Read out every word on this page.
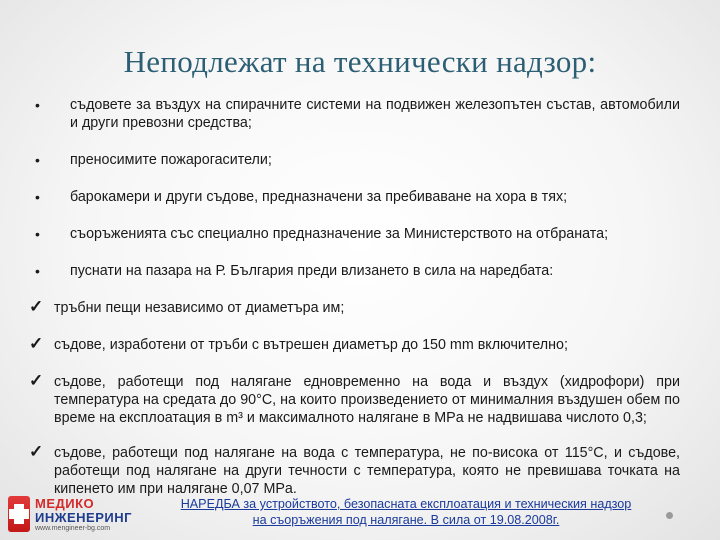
Неподлежат на технически надзор:
•	съдовете за въздух на спирачните системи на подвижен железопътен състав, автомобили и други превозни средства;
•	преносимите пожарогасители;
•	барокамери и други съдове, предназначени за пребиваване на хора в тях;
•	съоръженията със специално предназначение за Министерството на отбраната;
•	пуснати на пазара на Р. България преди влизането в сила на наредбата:
✓ тръбни пещи независимо от диаметъра им;
✓ съдове, изработени от тръби с вътрешен диаметър до 150 mm включително;
✓ съдове, работещи под налягане едновременно на вода и въздух (хидрофори) при температура на средата до 90°С, на които произведението от минималния въздушен обем по време на експлоатация в m³ и максималното налягане в MPa не надвишава числото 0,3;
✓ съдове, работещи под налягане на вода с температура, не по-висока от 115°С, и съдове, работещи под налягане на други течности с температура, която не превишава точката на кипенето им при налягане 0,07 MPa.
МЕДИКО
ИНЖЕНЕРИНГ
www.mengineer-bg.com
НАРЕДБА за устройството, безопасната експлоатация и техническия надзор
на съоръжения под налягане. В сила от 19.08.2008г.
